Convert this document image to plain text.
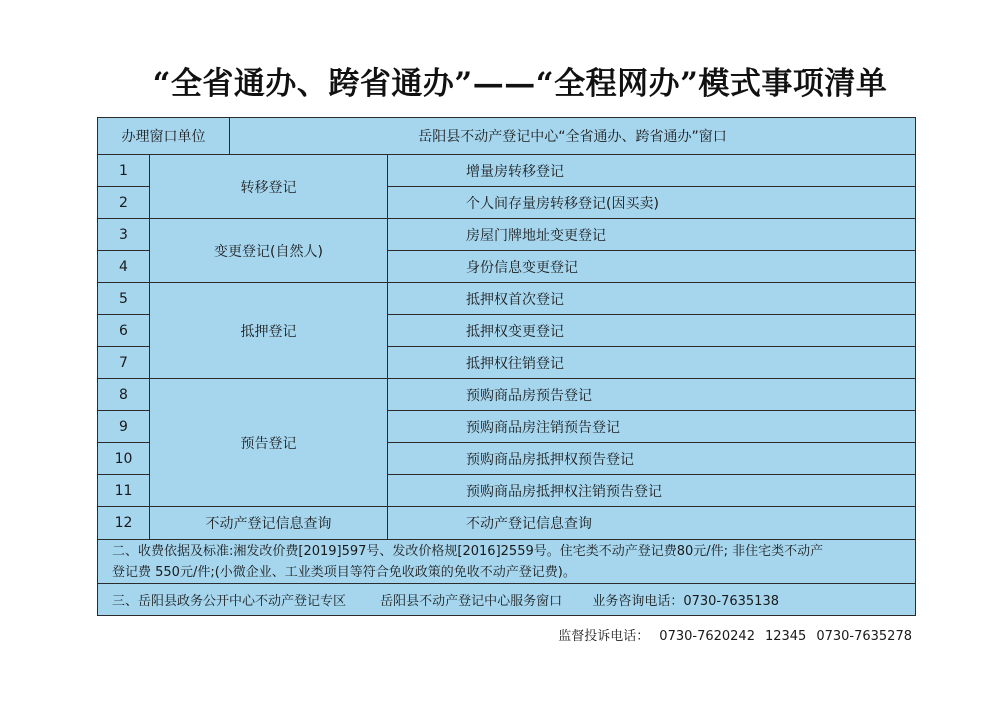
“全省通办、跨省通办”——“全程网办”模式事项清单
办理窗口单位		岳阳县不动产登记中心“全省通办、跨省通办”窗口	
1	转移登记		增量房转移登记
2			个人间存量房转移登记(因买卖)
3	变更登记(自然人)		房屋门牌地址变更登记
4			身份信息变更登记
5	抵押登记		抵押权首次登记
6			抵押权变更登记
7			抵押权往销登记
8	预告登记		预购商品房预告登记
9			预购商品房注销预告登记
10			预购商品房抵押权预告登记
11			预购商品房抵押权注销预告登记
12	不动产登记信息查询		不动产登记信息查询

二、收费依据及标准:湘发改价费[2019]597号、发改价格规[2016]2559号。住宅类不动产登记费80元/件; 非住宅类不动产
登记费 550元/件;(小微企业、工业类项目等符合免收政策的免收不动产登记费)。			

三、岳阳县政务公开中心不动产登记专区 岳阳县不动产登记中心服务窗口 业务咨询电话：0730-7635138			
监督投诉电话： 0730-7620242 12345 0730-7635278
